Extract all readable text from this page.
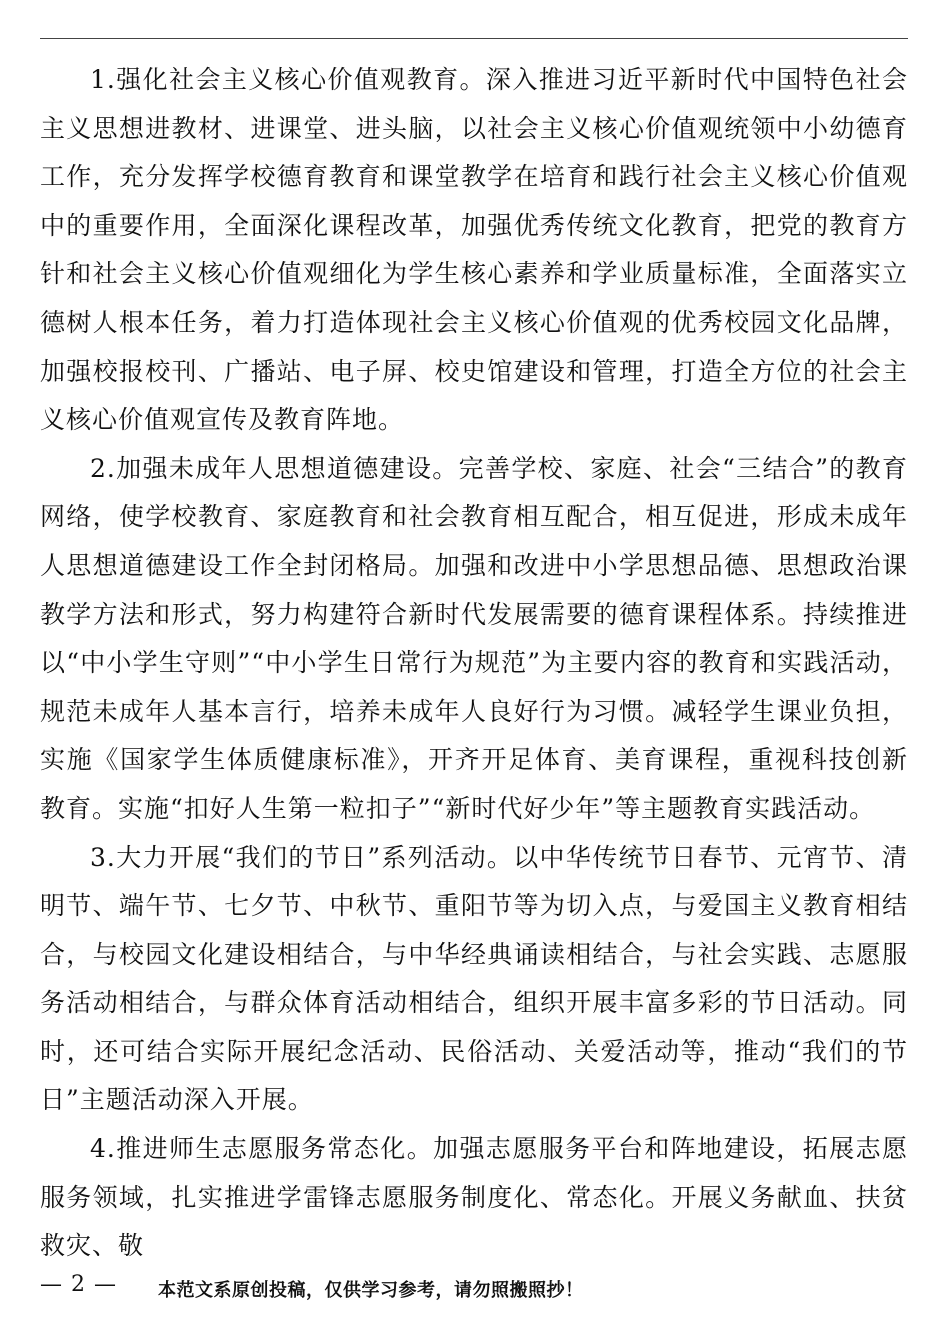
1.强化社会主义核心价值观教育。深入推进习近平新时代中国特色社会主义思想进教材、进课堂、进头脑，以社会主义核心价值观统领中小幼德育工作，充分发挥学校德育教育和课堂教学在培育和践行社会主义核心价值观中的重要作用，全面深化课程改革，加强优秀传统文化教育，把党的教育方针和社会主义核心价值观细化为学生核心素养和学业质量标准，全面落实立德树人根本任务，着力打造体现社会主义核心价值观的优秀校园文化品牌，加强校报校刊、广播站、电子屏、校史馆建设和管理，打造全方位的社会主义核心价值观宣传及教育阵地。

2.加强未成年人思想道德建设。完善学校、家庭、社会“三结合”的教育网络，使学校教育、家庭教育和社会教育相互配合，相互促进，形成未成年人思想道德建设工作全封闭格局。加强和改进中小学思想品德、思想政治课教学方法和形式，努力构建符合新时代发展需要的德育课程体系。持续推进以“中小学生守则”“中小学生日常行为规范”为主要内容的教育和实践活动，规范未成年人基本言行，培养未成年人良好行为习惯。减轻学生课业负担，实施《国家学生体质健康标准》，开齐开足体育、美育课程，重视科技创新教育。实施“扣好人生第一粒扣子”“新时代好少年”等主题教育实践活动。

3.大力开展“我们的节日”系列活动。以中华传统节日春节、元宵节、清明节、端午节、七夕节、中秋节、重阳节等为切入点，与爱国主义教育相结合，与校园文化建设相结合，与中华经典诵读相结合，与社会实践、志愿服务活动相结合，与群众体育活动相结合，组织开展丰富多彩的节日活动。同时，还可结合实际开展纪念活动、民俗活动、关爱活动等，推动“我们的节日”主题活动深入开展。

4.推进师生志愿服务常态化。加强志愿服务平台和阵地建设，拓展志愿服务领域，扎实推进学雷锋志愿服务制度化、常态化。开展义务献血、扶贫救灾、敬

— 2 — 本范文系原创投稿，仅供学习参考，请勿照搬照抄！
